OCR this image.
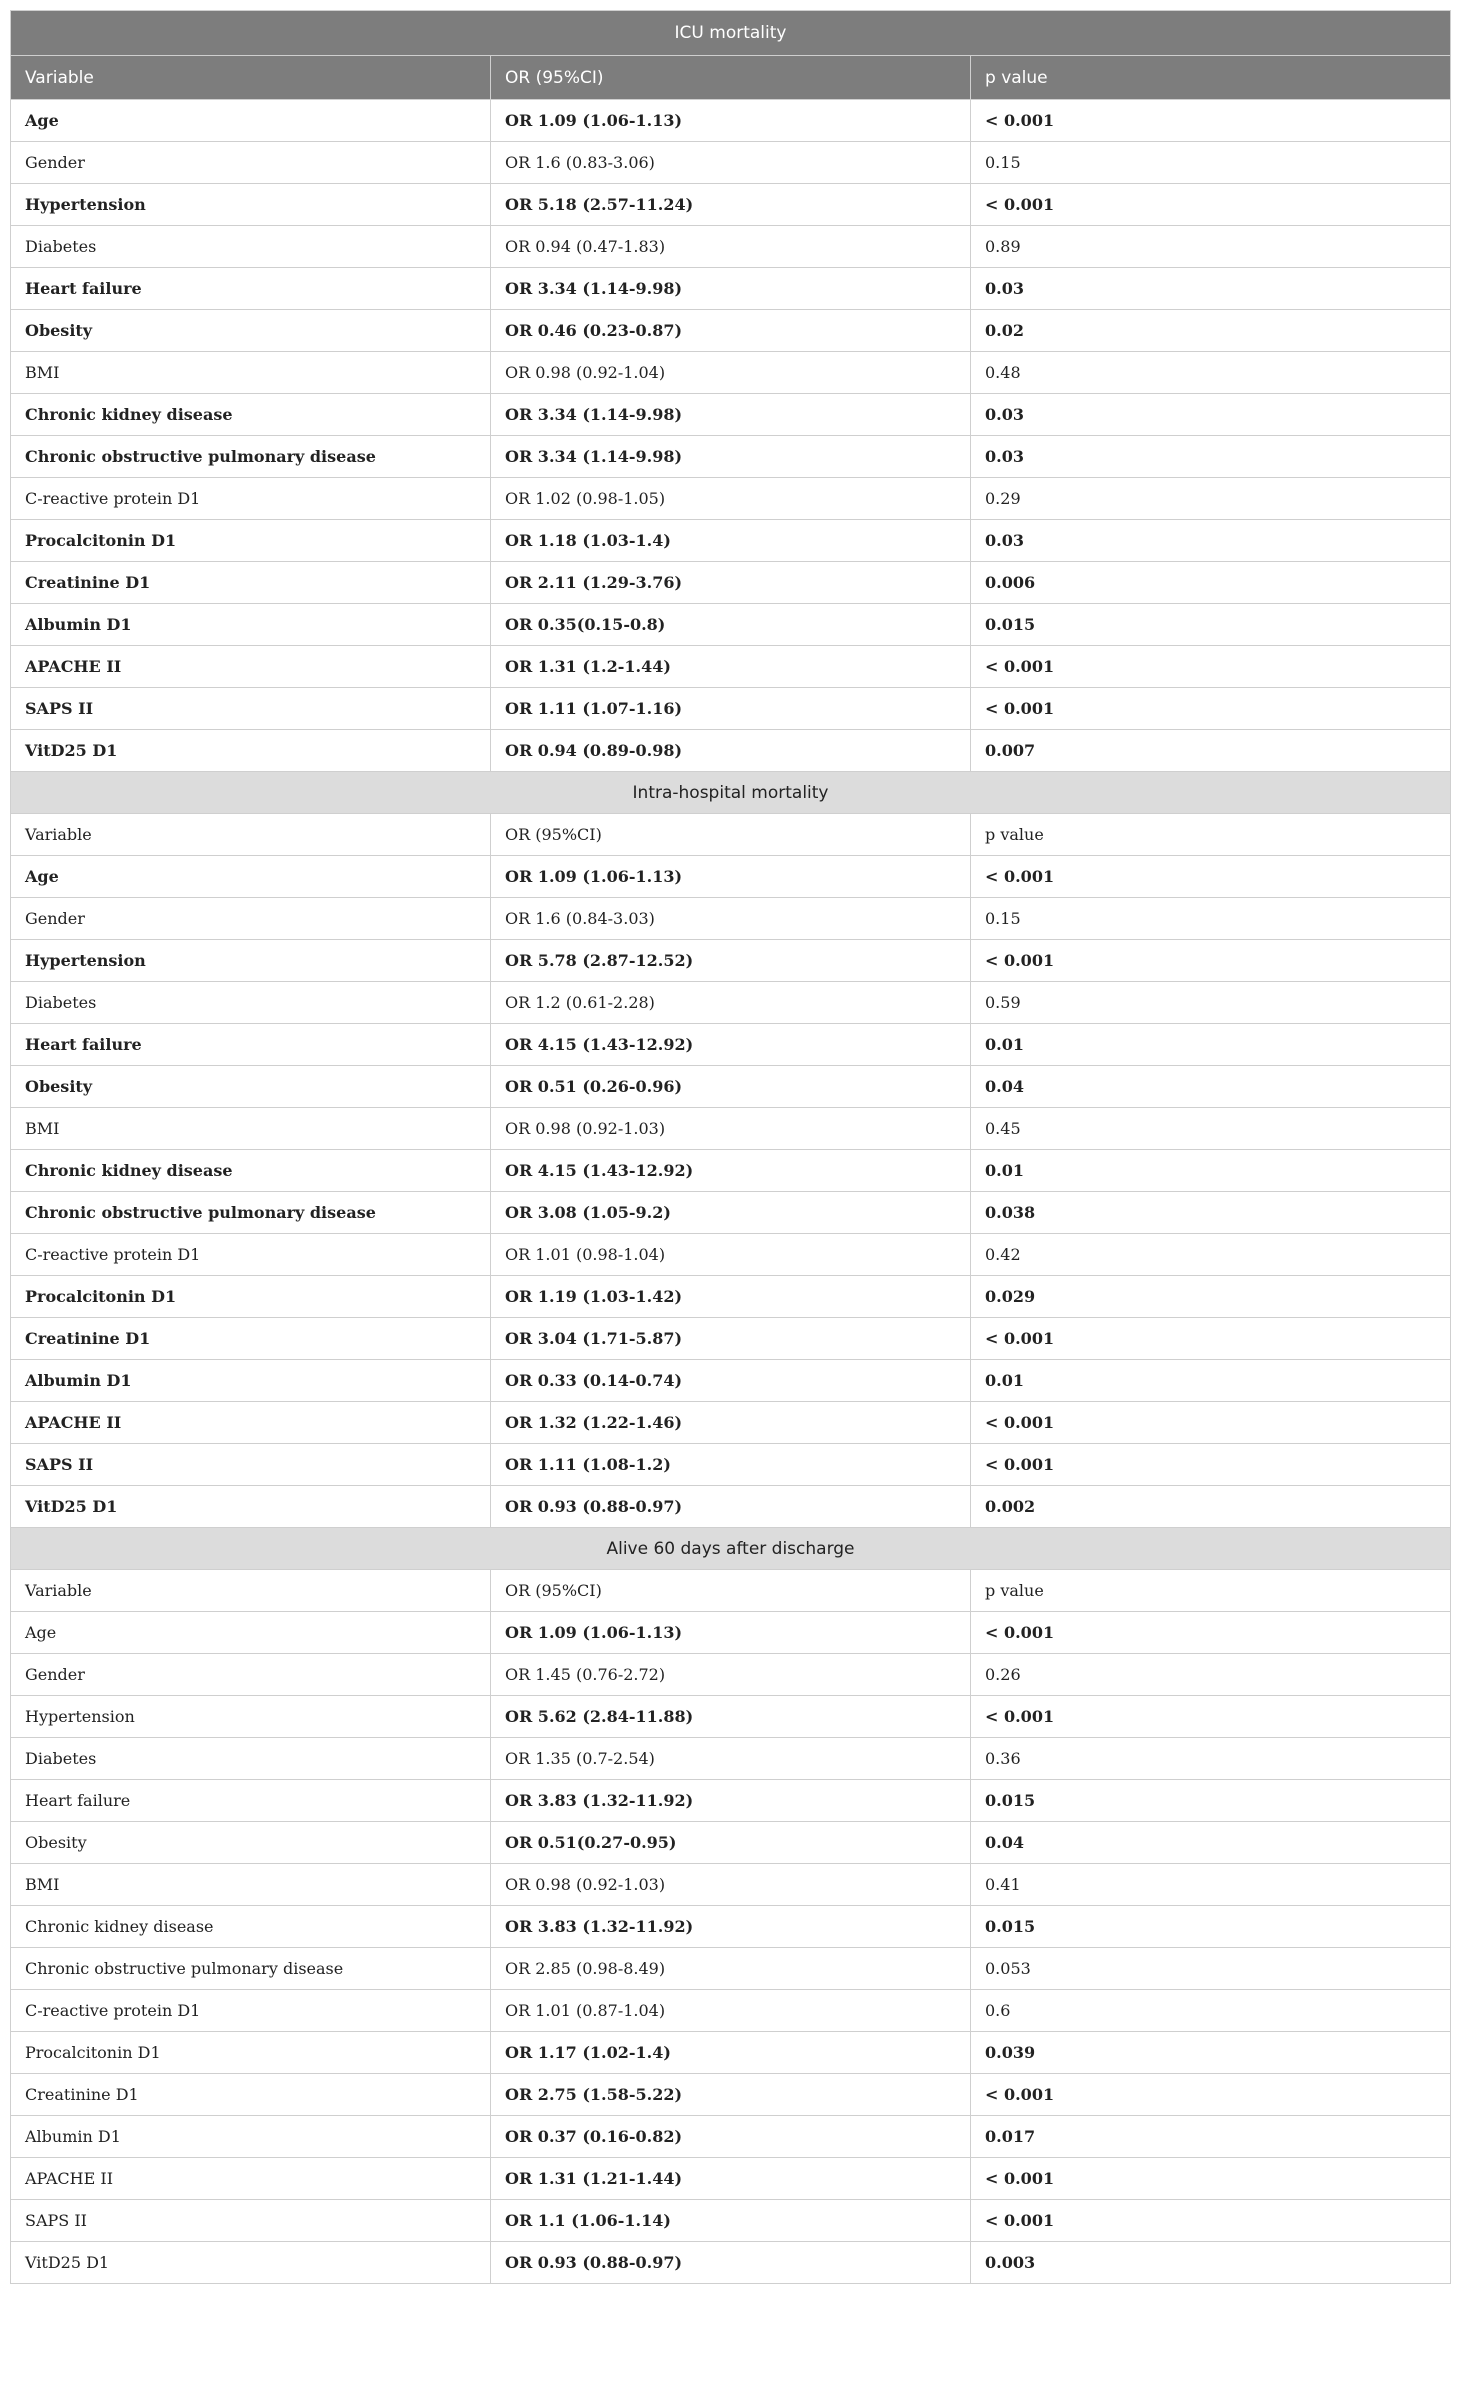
ICU mortality		
Variable	OR (95%CI)	p value
Age	OR 1.09 (1.06-1.13)	< 0.001
Gender	OR 1.6 (0.83-3.06)	0.15
Hypertension	OR 5.18 (2.57-11.24)	< 0.001
Diabetes	OR 0.94 (0.47-1.83)	0.89
Heart failure	OR 3.34 (1.14-9.98)	0.03
Obesity	OR 0.46 (0.23-0.87)	0.02
BMI	OR 0.98 (0.92-1.04)	0.48
Chronic kidney disease	OR 3.34 (1.14-9.98)	0.03
Chronic obstructive pulmonary disease	OR 3.34 (1.14-9.98)	0.03
C-reactive protein D1	OR 1.02 (0.98-1.05)	0.29
Procalcitonin D1	OR 1.18 (1.03-1.4)	0.03
Creatinine D1	OR 2.11 (1.29-3.76)	0.006
Albumin D1	OR 0.35(0.15-0.8)	0.015
APACHE II	OR 1.31 (1.2-1.44)	< 0.001
SAPS II	OR 1.11 (1.07-1.16)	< 0.001
VitD25 D1	OR 0.94 (0.89-0.98)	0.007
Intra-hospital mortality		
Variable	OR (95%CI)	p value
Age	OR 1.09 (1.06-1.13)	< 0.001
Gender	OR 1.6 (0.84-3.03)	0.15
Hypertension	OR 5.78 (2.87-12.52)	< 0.001
Diabetes	OR 1.2 (0.61-2.28)	0.59
Heart failure	OR 4.15 (1.43-12.92)	0.01
Obesity	OR 0.51 (0.26-0.96)	0.04
BMI	OR 0.98 (0.92-1.03)	0.45
Chronic kidney disease	OR 4.15 (1.43-12.92)	0.01
Chronic obstructive pulmonary disease	OR 3.08 (1.05-9.2)	0.038
C-reactive protein D1	OR 1.01 (0.98-1.04)	0.42
Procalcitonin D1	OR 1.19 (1.03-1.42)	0.029
Creatinine D1	OR 3.04 (1.71-5.87)	< 0.001
Albumin D1	OR 0.33 (0.14-0.74)	0.01
APACHE II	OR 1.32 (1.22-1.46)	< 0.001
SAPS II	OR 1.11 (1.08-1.2)	< 0.001
VitD25 D1	OR 0.93 (0.88-0.97)	0.002
Alive 60 days after discharge		
Variable	OR (95%CI)	p value
Age	OR 1.09 (1.06-1.13)	< 0.001
Gender	OR 1.45 (0.76-2.72)	0.26
Hypertension	OR 5.62 (2.84-11.88)	< 0.001
Diabetes	OR 1.35 (0.7-2.54)	0.36
Heart failure	OR 3.83 (1.32-11.92)	0.015
Obesity	OR 0.51(0.27-0.95)	0.04
BMI	OR 0.98 (0.92-1.03)	0.41
Chronic kidney disease	OR 3.83 (1.32-11.92)	0.015
Chronic obstructive pulmonary disease	OR 2.85 (0.98-8.49)	0.053
C-reactive protein D1	OR 1.01 (0.87-1.04)	0.6
Procalcitonin D1	OR 1.17 (1.02-1.4)	0.039
Creatinine D1	OR 2.75 (1.58-5.22)	< 0.001
Albumin D1	OR 0.37 (0.16-0.82)	0.017
APACHE II	OR 1.31 (1.21-1.44)	< 0.001
SAPS II	OR 1.1 (1.06-1.14)	< 0.001
VitD25 D1	OR 0.93 (0.88-0.97)	0.003
